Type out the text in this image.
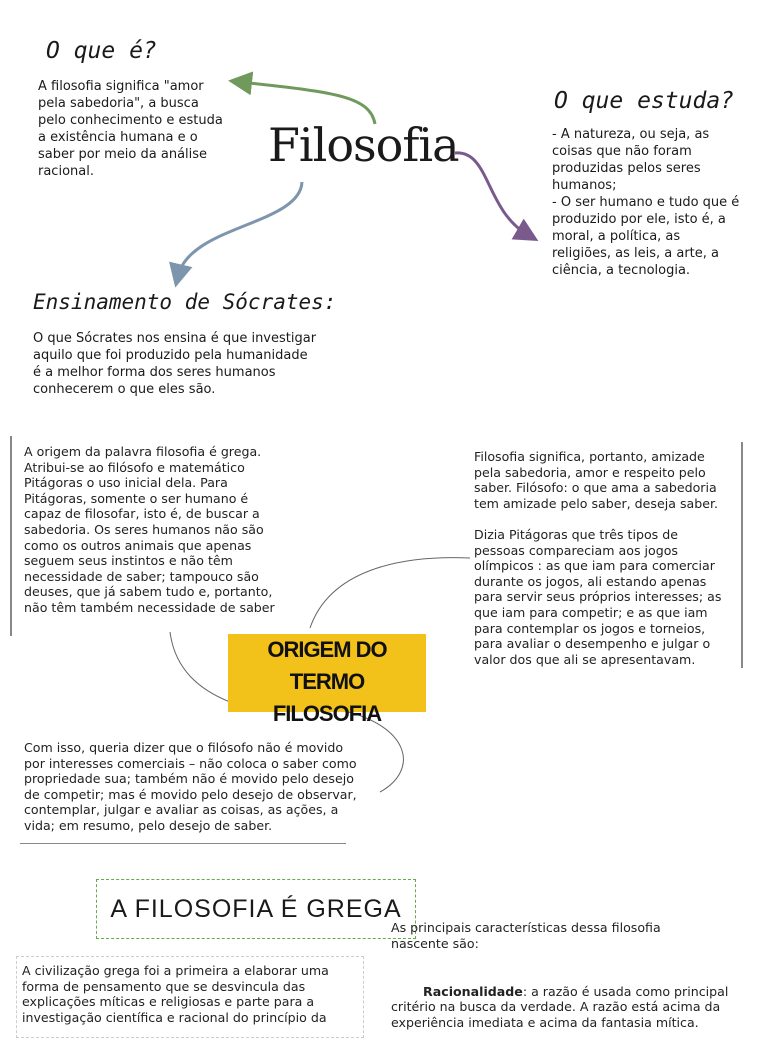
O que é?
A filosofia significa "amor
pela sabedoria", a busca
pelo conhecimento e estuda
a existência humana e o
saber por meio da análise
racional.	Filosofia
O que estuda?
- A natureza, ou seja, as
coisas que não foram
produzidas pelos seres
humanos;
- O ser humano e tudo que é
produzido por ele, isto é, a
moral, a política, as
religiões, as leis, a arte, a
ciência, a tecnologia.
Ensinamento de Sócrates:
O que Sócrates nos ensina é que investigar
aquilo que foi produzido pela humanidade
é a melhor forma dos seres humanos
conhecerem o que eles são.
A origem da palavra filosofia é grega.
Atribui-se ao filósofo e matemático
Pitágoras o uso inicial dela. Para
Pitágoras, somente o ser humano é
capaz de filosofar, isto é, de buscar a
sabedoria. Os seres humanos não são
como os outros animais que apenas
seguem seus instintos e não têm
necessidade de saber; tampouco são
deuses, que já sabem tudo e, portanto,
não têm também necessidade de saber
Filosofia significa, portanto, amizade
pela sabedoria, amor e respeito pelo
saber. Filósofo: o que ama a sabedoria
tem amizade pelo saber, deseja saber.
Dizia Pitágoras que três tipos de
pessoas compareciam aos jogos
olímpicos : as que iam para comerciar
durante os jogos, ali estando apenas
para servir seus próprios interesses; as
que iam para competir; e as que iam
para contemplar os jogos e torneios,
para avaliar o desempenho e julgar o
valor dos que ali se apresentavam.
ORIGEM DO TERMO
FILOSOFIA
Com isso, queria dizer que o filósofo não é movido
por interesses comerciais – não coloca o saber como
propriedade sua; também não é movido pelo desejo
de competir; mas é movido pelo desejo de observar,
contemplar, julgar e avaliar as coisas, as ações, a
vida; em resumo, pelo desejo de saber.
A FILOSOFIA É GREGA
As principais características dessa filosofia
nascente são:

Racionalidade: a razão é usada como principal
critério na busca da verdade. A razão está acima da
experiência imediata e acima da fantasia mítica.

A civilização grega foi a primeira a elaborar uma
forma de pensamento que se desvincula das
explicações míticas e religiosas e parte para a
investigação científica e racional do princípio da
